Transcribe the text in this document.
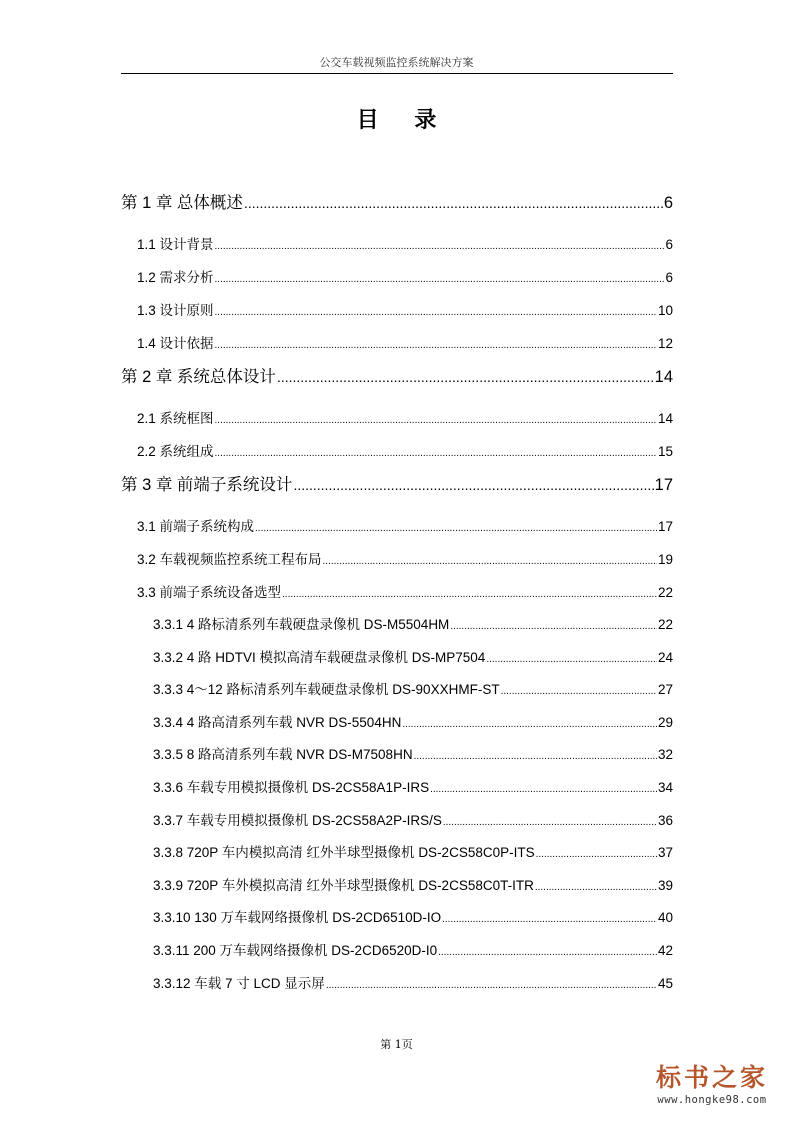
公交车载视频监控系统解决方案
目 录
第 1 章 总体概述 .....	6
1.1 设计背景 .....	6
1.2 需求分析 .....	6
1.3 设计原则 .....	10
1.4 设计依据 .....	12
第 2 章 系统总体设计 .....	14
2.1 系统框图 .....	14
2.2 系统组成 .....	15
第 3 章 前端子系统设计 .....	17
3.1 前端子系统构成 .....	17
3.2 车载视频监控系统工程布局 .....	19
3.3 前端子系统设备选型 .....	22
3.3.1 4 路标清系列车载硬盘录像机 DS-M5504HM .....	22
3.3.2 4 路 HDTVI 模拟高清车载硬盘录像机 DS-MP7504 .....	24
3.3.3 4～12 路标清系列车载硬盘录像机 DS-90XXHMF-ST .....	27
3.3.4 4 路高清系列车载 NVR DS-5504HN .....	29
3.3.5 8 路高清系列车载 NVR DS-M7508HN .....	32
3.3.6 车载专用模拟摄像机 DS-2CS58A1P-IRS .....	34
3.3.7 车载专用模拟摄像机 DS-2CS58A2P-IRS/S .....	36
3.3.8 720P 车内模拟高清 红外半球型摄像机 DS-2CS58C0P-ITS .....	37
3.3.9 720P 车外模拟高清 红外半球型摄像机 DS-2CS58C0T-ITR .....	39
3.3.10 130 万车载网络摄像机 DS-2CD6510D-IO .....	40
3.3.11 200 万车载网络摄像机 DS-2CD6520D-I0 .....	42
3.3.12 车载 7 寸 LCD 显示屏 .....	45
第 1页
标书之家
www.hongke98.com
